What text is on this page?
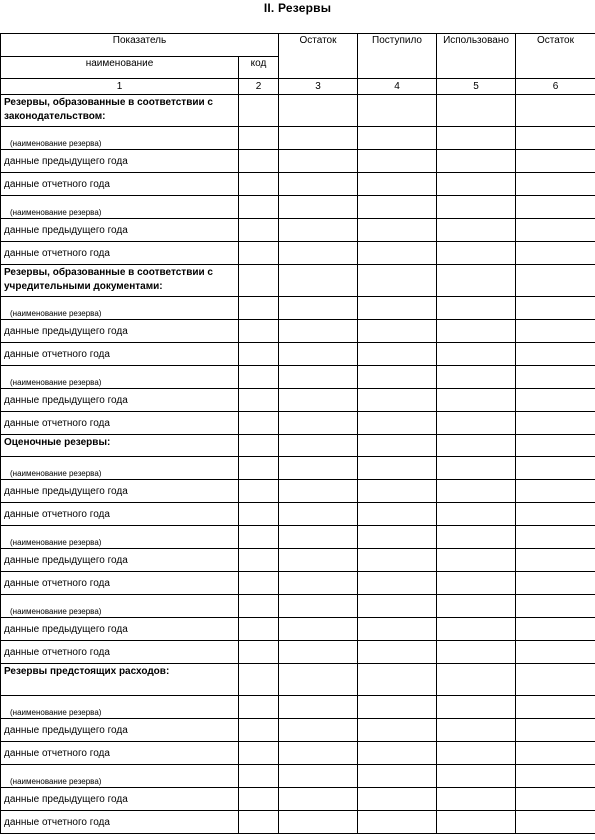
II. Резервы
Показатель		Остаток	Поступило	Использовано	Остаток
наименование	код				
1	2	3	4	5	6
Резервы, образованные в соответствии с законодательством:					
(наименование резерва)					
данные предыдущего года					
данные отчетного года					
(наименование резерва)					
данные предыдущего года					
данные отчетного года					
Резервы, образованные в соответствии с учредительными документами:					
(наименование резерва)					
данные предыдущего года					
данные отчетного года					
(наименование резерва)					
данные предыдущего года					
данные отчетного года					
Оценочные резервы:					
(наименование резерва)					
данные предыдущего года					
данные отчетного года					
(наименование резерва)					
данные предыдущего года					
данные отчетного года					
(наименование резерва)					
данные предыдущего года					
данные отчетного года					
Резервы предстоящих расходов:					
(наименование резерва)					
данные предыдущего года					
данные отчетного года					
(наименование резерва)					
данные предыдущего года					
данные отчетного года					
